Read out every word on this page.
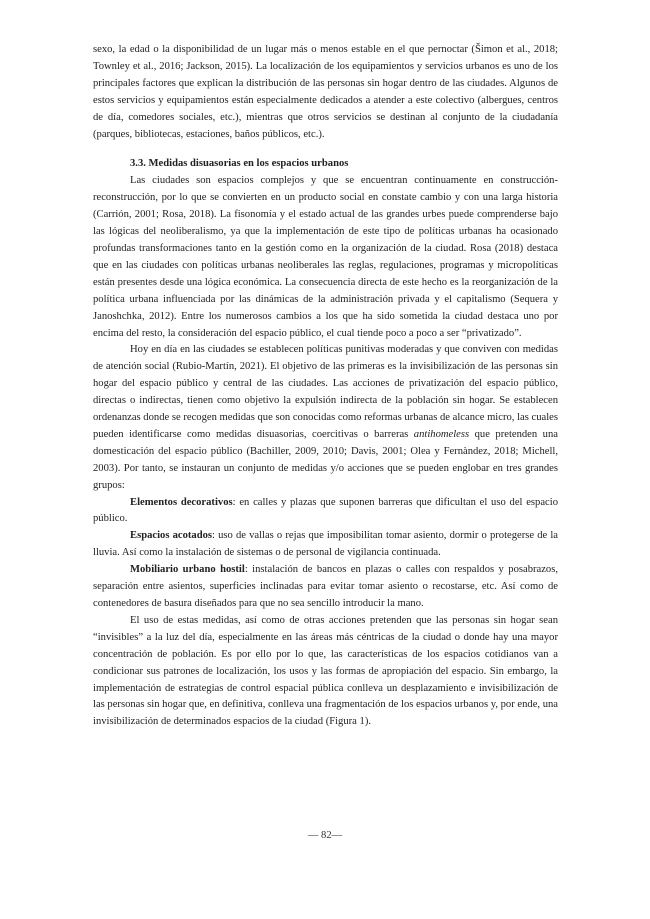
sexo, la edad o la disponibilidad de un lugar más o menos estable en el que pernoctar (Šimon et al., 2018; Townley et al., 2016; Jackson, 2015). La localización de los equipamientos y servicios urbanos es uno de los principales factores que explican la distribución de las personas sin hogar dentro de las ciudades. Algunos de estos servicios y equipamientos están especialmente dedicados a atender a este colectivo (albergues, centros de día, comedores sociales, etc.), mientras que otros servicios se destinan al conjunto de la ciudadanía (parques, bibliotecas, estaciones, baños públicos, etc.).

3.3. Medidas disuasorias en los espacios urbanos

Las ciudades son espacios complejos y que se encuentran continuamente en construcción-reconstrucción, por lo que se convierten en un producto social en constate cambio y con una larga historia (Carrión, 2001; Rosa, 2018). La fisonomía y el estado actual de las grandes urbes puede comprenderse bajo las lógicas del neoliberalismo, ya que la implementación de este tipo de políticas urbanas ha ocasionado profundas transformaciones tanto en la gestión como en la organización de la ciudad. Rosa (2018) destaca que en las ciudades con políticas urbanas neoliberales las reglas, regulaciones, programas y micropolíticas están presentes desde una lógica económica. La consecuencia directa de este hecho es la reorganización de la política urbana influenciada por las dinámicas de la administración privada y el capitalismo (Sequera y Janoshchka, 2012). Entre los numerosos cambios a los que ha sido sometida la ciudad destaca uno por encima del resto, la consideración del espacio público, el cual tiende poco a poco a ser “privatizado”.

Hoy en día en las ciudades se establecen políticas punitivas moderadas y que conviven con medidas de atención social (Rubio-Martín, 2021). El objetivo de las primeras es la invisibilización de las personas sin hogar del espacio público y central de las ciudades. Las acciones de privatización del espacio público, directas o indirectas, tienen como objetivo la expulsión indirecta de la población sin hogar. Se establecen ordenanzas donde se recogen medidas que son conocidas como reformas urbanas de alcance micro, las cuales pueden identificarse como medidas disuasorias, coercitivas o barreras antihomeless que pretenden una domesticación del espacio público (Bachiller, 2009, 2010; Davis, 2001; Olea y Fernàndez, 2018; Michell, 2003). Por tanto, se instauran un conjunto de medidas y/o acciones que se pueden englobar en tres grandes grupos:

Elementos decorativos: en calles y plazas que suponen barreras que dificultan el uso del espacio público.

Espacios acotados: uso de vallas o rejas que imposibilitan tomar asiento, dormir o protegerse de la lluvia. Así como la instalación de sistemas o de personal de vigilancia continuada.

Mobiliario urbano hostil: instalación de bancos en plazas o calles con respaldos y posabrazos, separación entre asientos, superficies inclinadas para evitar tomar asiento o recostarse, etc. Así como de contenedores de basura diseñados para que no sea sencillo introducir la mano.

El uso de estas medidas, así como de otras acciones pretenden que las personas sin hogar sean “invisibles” a la luz del día, especialmente en las áreas más céntricas de la ciudad o donde hay una mayor concentración de población. Es por ello por lo que, las características de los espacios cotidianos van a condicionar sus patrones de localización, los usos y las formas de apropiación del espacio. Sin embargo, la implementación de estrategias de control espacial pública conlleva un desplazamiento e invisibilización de las personas sin hogar que, en definitiva, conlleva una fragmentación de los espacios urbanos y, por ende, una invisibilización de determinados espacios de la ciudad (Figura 1).

— 82—
